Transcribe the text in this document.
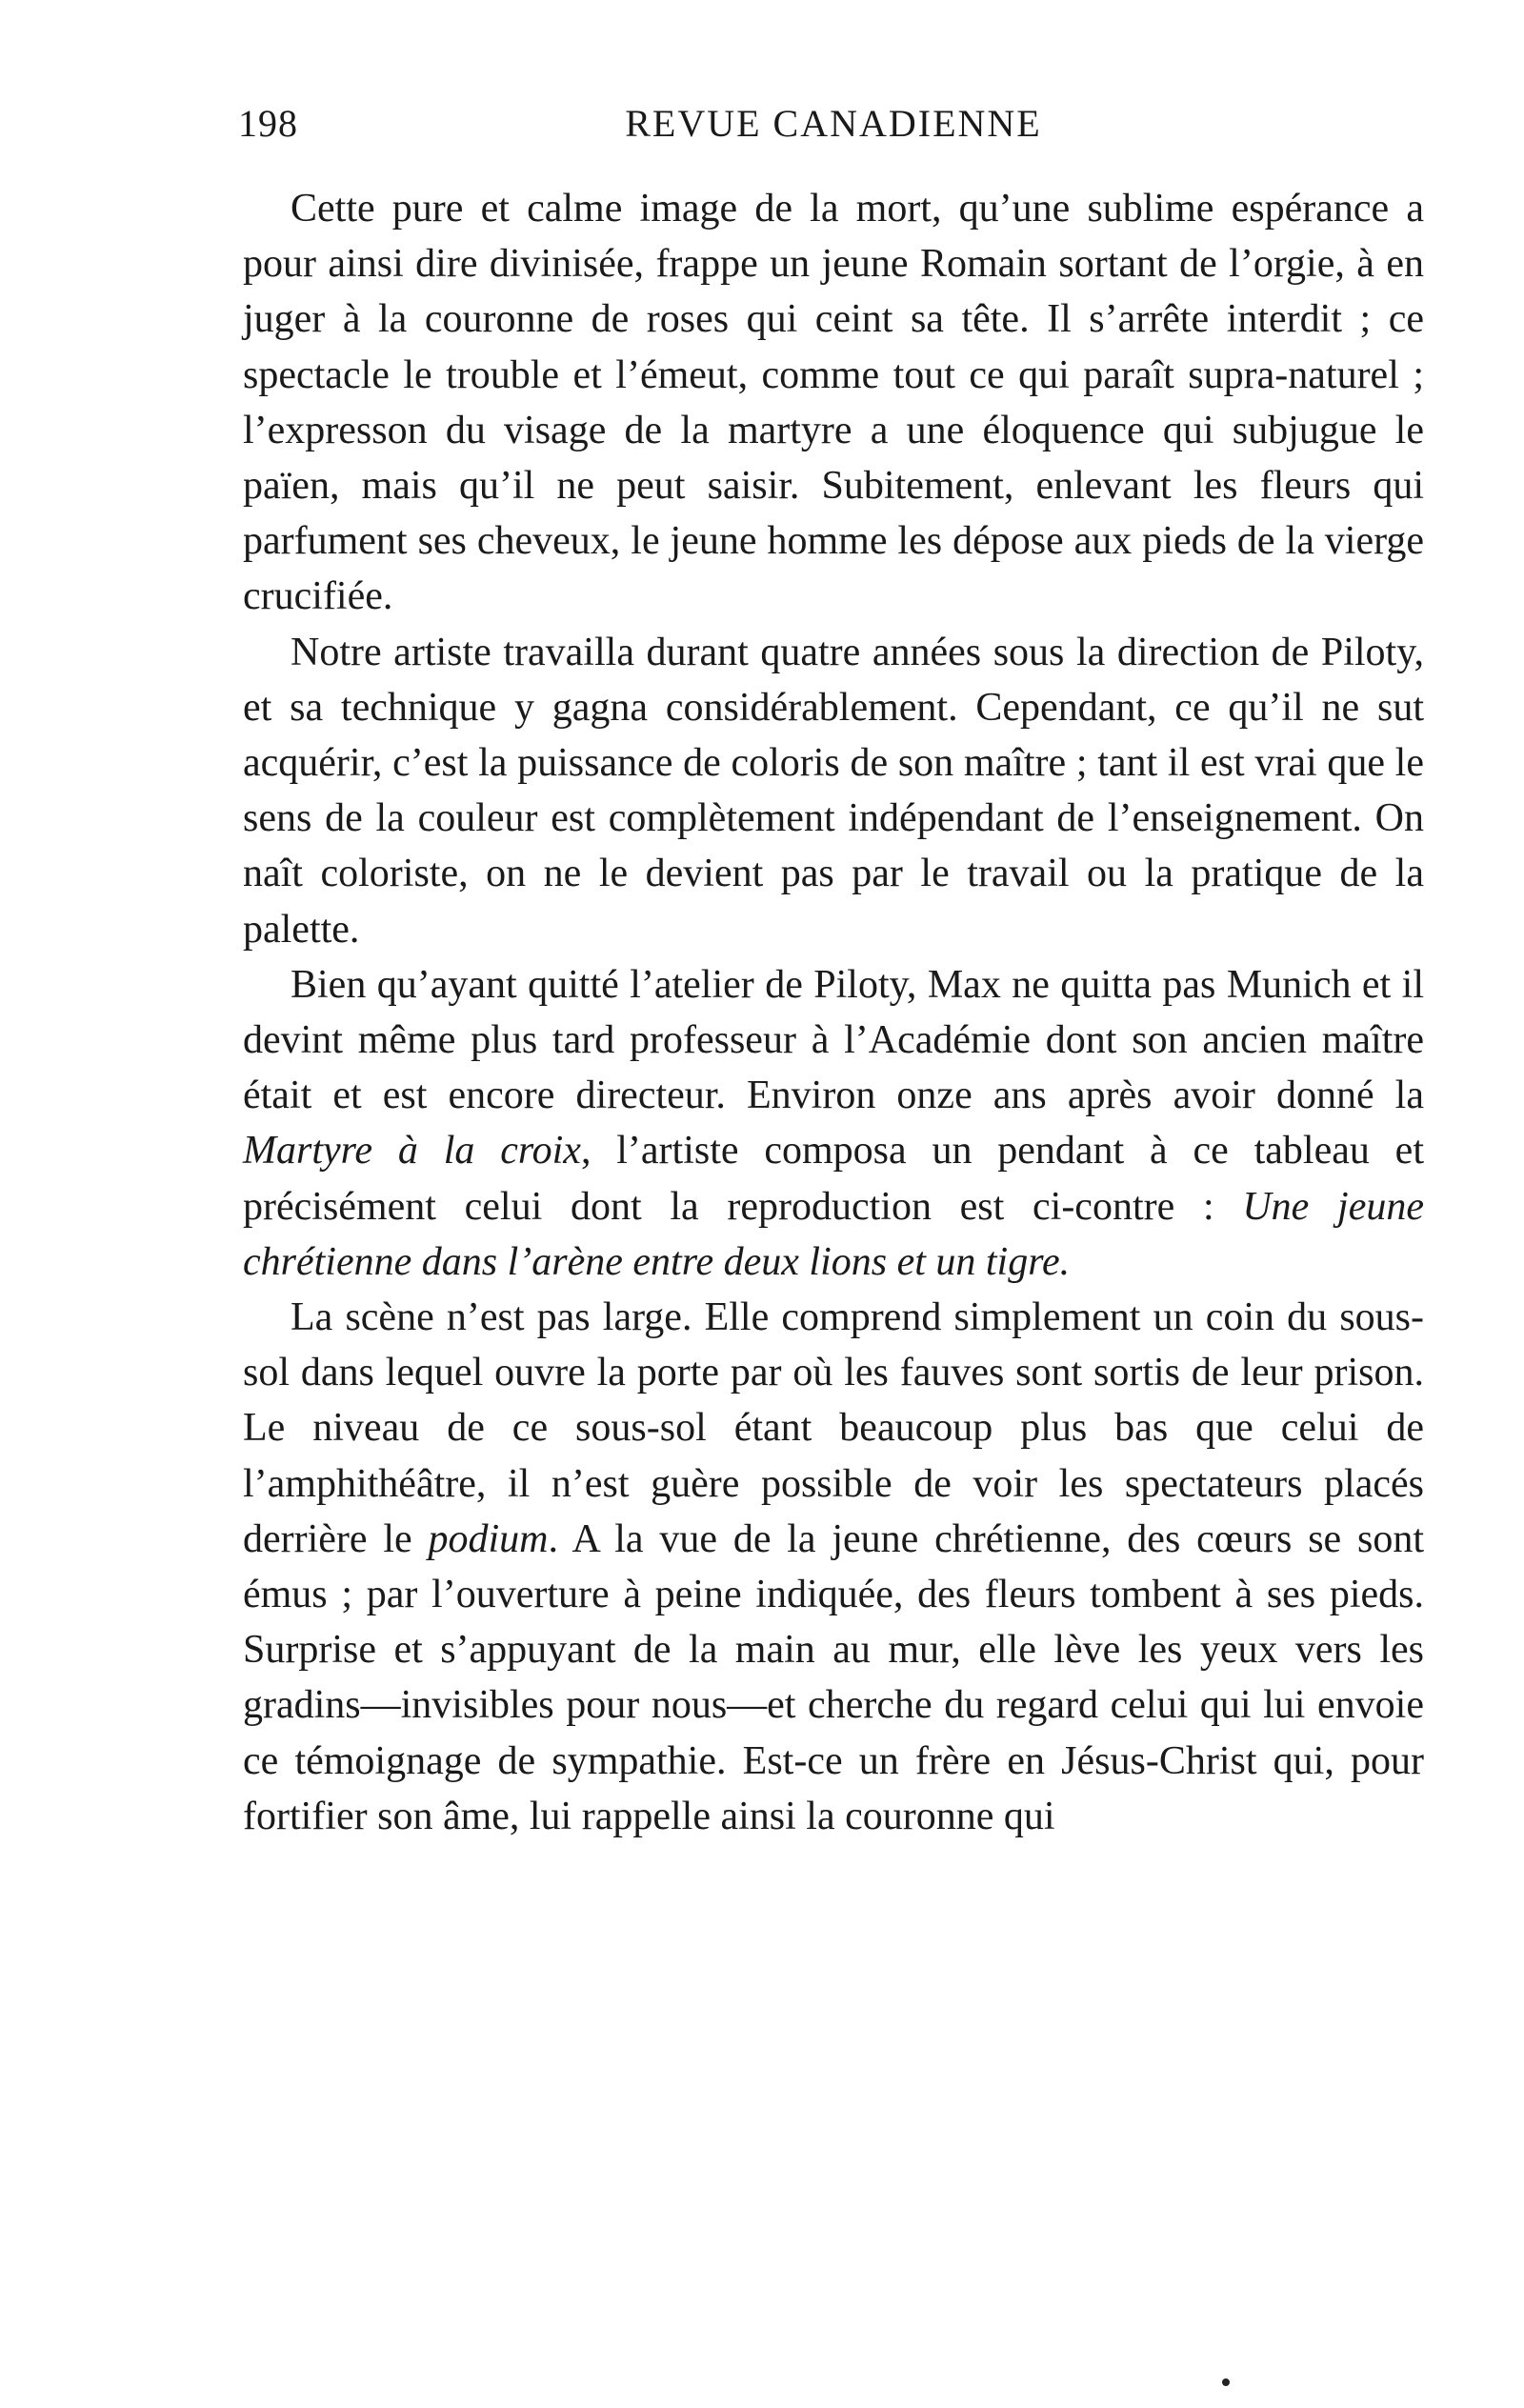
198	REVUE CANADIENNE

Cette pure et calme image de la mort, qu’une sublime espérance a pour ainsi dire divinisée, frappe un jeune Romain sortant de l’orgie, à en juger à la couronne de roses qui ceint sa tête. Il s’arrête interdit ; ce spectacle le trouble et l’émeut, comme tout ce qui paraît supra-naturel ; l’expresson du visage de la martyre a une éloquence qui subjugue le païen, mais qu’il ne peut saisir. Subitement, enlevant les fleurs qui parfument ses cheveux, le jeune homme les dépose aux pieds de la vierge crucifiée.

Notre artiste travailla durant quatre années sous la direction de Piloty, et sa technique y gagna considérablement. Cependant, ce qu’il ne sut acquérir, c’est la puissance de coloris de son maître ; tant il est vrai que le sens de la couleur est complètement indépendant de l’enseignement. On naît coloriste, on ne le devient pas par le travail ou la pratique de la palette.

Bien qu’ayant quitté l’atelier de Piloty, Max ne quitta pas Munich et il devint même plus tard professeur à l’Académie dont son ancien maître était et est encore directeur. Environ onze ans après avoir donné la Martyre à la croix, l’artiste composa un pendant à ce tableau et précisément celui dont la reproduction est ci-contre : Une jeune chrétienne dans l’arène entre deux lions et un tigre.

La scène n’est pas large. Elle comprend simplement un coin du sous-sol dans lequel ouvre la porte par où les fauves sont sortis de leur prison. Le niveau de ce sous-sol étant beaucoup plus bas que celui de l’amphithéâtre, il n’est guère possible de voir les spectateurs placés derrière le podium. A la vue de la jeune chrétienne, des cœurs se sont émus ; par l’ouverture à peine indiquée, des fleurs tombent à ses pieds. Surprise et s’appuyant de la main au mur, elle lève les yeux vers les gradins—invisibles pour nous—et cherche du regard celui qui lui envoie ce témoignage de sympathie. Est-ce un frère en Jésus-Christ qui, pour fortifier son âme, lui rappelle ainsi la couronne qui
